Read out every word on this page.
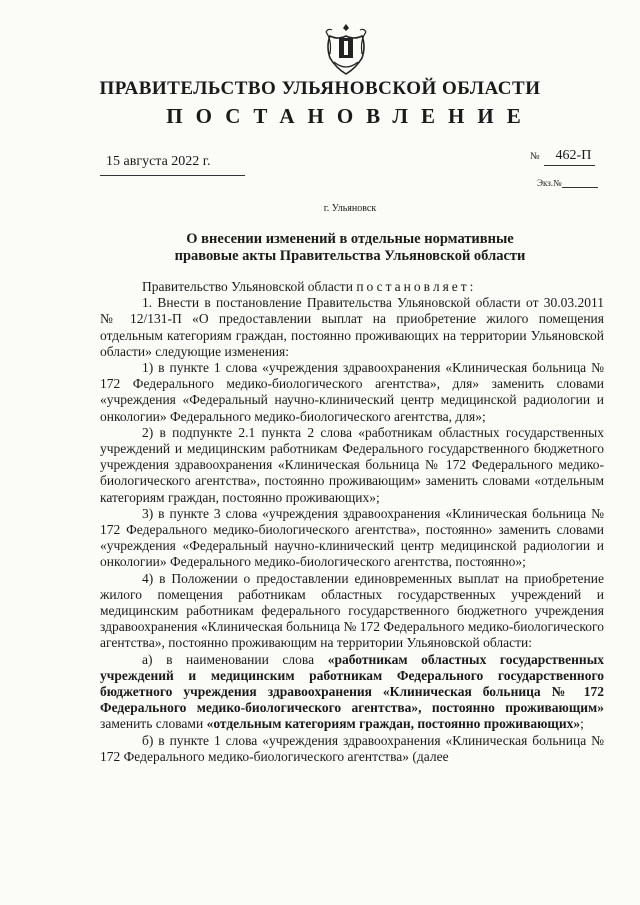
ПРАВИТЕЛЬСТВО УЛЬЯНОВСКОЙ ОБЛАСТИ
ПОСТАНОВЛЕНИЕ
15 августа 2022 г.	№ 462-П
Экз.№
г. Ульяновск
О внесении изменений в отдельные нормативные
правовые акты Правительства Ульяновской области

Правительство Ульяновской области постановляет:

1. Внести в постановление Правительства Ульяновской области от 30.03.2011 № 12/131-П «О предоставлении выплат на приобретение жилого помещения отдельным категориям граждан, постоянно проживающих на территории Ульяновской области» следующие изменения:

1) в пункте 1 слова «учреждения здравоохранения «Клиническая больница № 172 Федерального медико-биологического агентства», для» заменить словами «учреждения «Федеральный научно-клинический центр медицинской радиологии и онкологии» Федерального медико-биологического агентства, для»;

2) в подпункте 2.1 пункта 2 слова «работникам областных государственных учреждений и медицинским работникам Федерального государственного бюджетного учреждения здравоохранения «Клиническая больница № 172 Федерального медико-биологического агентства», постоянно проживающим» заменить словами «отдельным категориям граждан, постоянно проживающих»;

3) в пункте 3 слова «учреждения здравоохранения «Клиническая больница № 172 Федерального медико-биологического агентства», постоянно» заменить словами «учреждения «Федеральный научно-клинический центр медицинской радиологии и онкологии» Федерального медико-биологического агентства, постоянно»;

4) в Положении о предоставлении единовременных выплат на приобретение жилого помещения работникам областных государственных учреждений и медицинским работникам федерального государственного бюджетного учреждения здравоохранения «Клиническая больница № 172 Федерального медико-биологического агентства», постоянно проживающим на территории Ульяновской области:

а) в наименовании слова «работникам областных государственных учреждений и медицинским работникам Федерального государственного бюджетного учреждения здравоохранения «Клиническая больница № 172 Федерального медико-биологического агентства», постоянно проживающим» заменить словами «отдельным категориям граждан, постоянно проживающих»;

б) в пункте 1 слова «учреждения здравоохранения «Клиническая больница № 172 Федерального медико-биологического агентства» (далее
